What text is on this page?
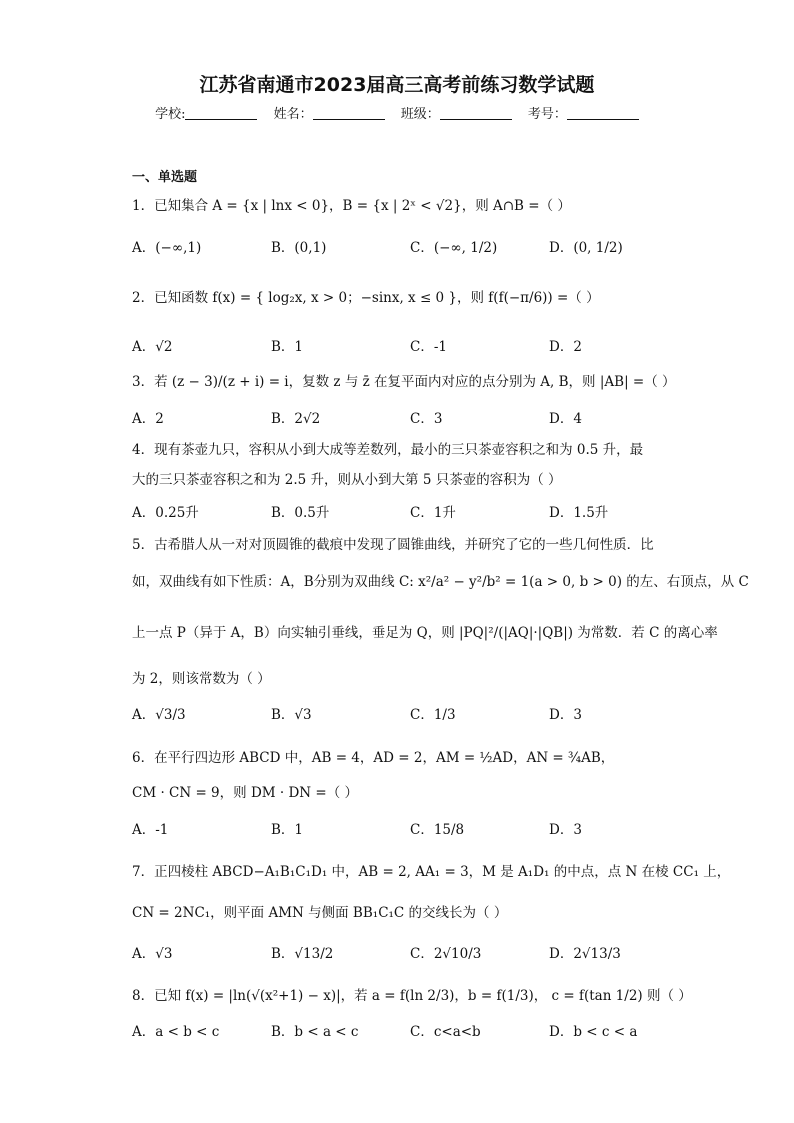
江苏省南通市2023届高三高考前练习数学试题
学校:	姓名：	班级：	考号：
一、单选题
1．已知集合 A = {x | lnx < 0}，B = {x | 2ˣ < √2}，则 A∩B =（ ）
A．(−∞,1)	B．(0,1)	C．(−∞, 1/2)	D．(0, 1/2)
2．已知函数 f(x) = { log₂x, x > 0；−sinx, x ≤ 0 }，则 f(f(−π/6)) =（ ）
A．√2	B．1	C．-1	D．2
3．若 (z − 3)/(z + i) = i，复数 z 与 z̄ 在复平面内对应的点分别为 A, B，则 |AB| =（ ）
A．2	B．2√2	C．3	D．4
4．现有茶壶九只，容积从小到大成等差数列，最小的三只茶壶容积之和为 0.5 升，最
大的三只茶壶容积之和为 2.5 升，则从小到大第 5 只茶壶的容积为（ ）
A．0.25升	B．0.5升	C．1升	D．1.5升
5．古希腊人从一对对顶圆锥的截痕中发现了圆锥曲线，并研究了它的一些几何性质．比
如，双曲线有如下性质：A，B分别为双曲线 C: x²/a² − y²/b² = 1(a > 0, b > 0) 的左、右顶点，从 C
上一点 P（异于 A，B）向实轴引垂线，垂足为 Q，则 |PQ|²/(|AQ|·|QB|) 为常数．若 C 的离心率
为 2，则该常数为（ ）
A．√3/3	B．√3	C．1/3	D．3
6．在平行四边形 ABCD 中，AB = 4，AD = 2，AM = ½AD，AN = ¾AB，
CM · CN = 9，则 DM · DN =（ ）
A．-1	B．1	C．15/8	D．3
7．正四棱柱 ABCD−A₁B₁C₁D₁ 中，AB = 2, AA₁ = 3，M 是 A₁D₁ 的中点，点 N 在棱 CC₁ 上，
CN = 2NC₁，则平面 AMN 与侧面 BB₁C₁C 的交线长为（ ）
A．√3	B．√13/2	C．2√10/3	D．2√13/3
8．已知 f(x) = |ln(√(x²+1) − x)|，若 a = f(ln 2/3)，b = f(1/3)， c = f(tan 1/2) 则（ ）
A．a < b < c	B．b < a < c	C．c<a<b	D．b < c < a
